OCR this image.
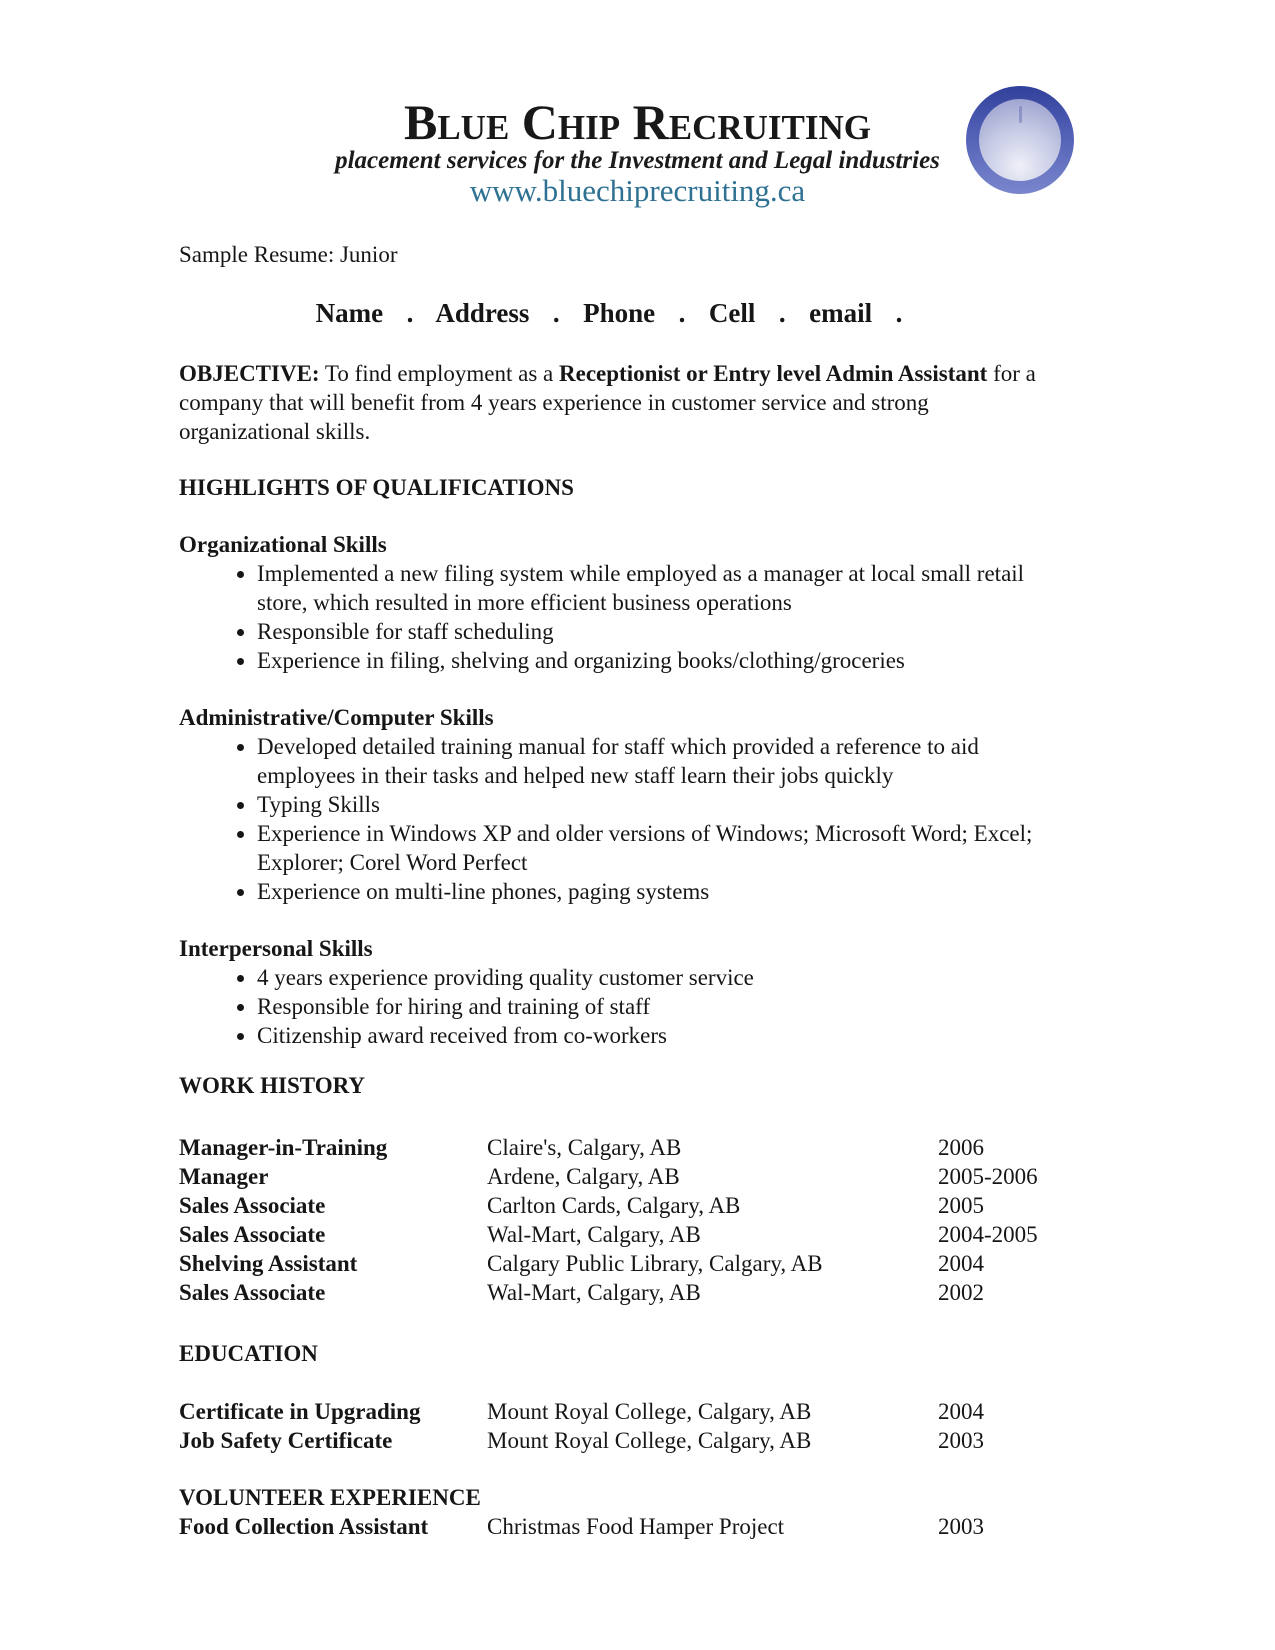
Blue Chip Recruiting
placement services for the Investment and Legal industries
www.bluechiprecruiting.ca
Sample Resume: Junior
Name  .  Address  .  Phone  .  Cell  .  email  .
OBJECTIVE: To find employment as a Receptionist or Entry level Admin Assistant for a company that will benefit from 4 years experience in customer service and strong organizational skills.
HIGHLIGHTS OF QUALIFICATIONS
Organizational Skills
• Implemented a new filing system while employed as a manager at local small retail store, which resulted in more efficient business operations
• Responsible for staff scheduling
• Experience in filing, shelving and organizing books/clothing/groceries
Administrative/Computer Skills
• Developed detailed training manual for staff which provided a reference to aid employees in their tasks and helped new staff learn their jobs quickly
• Typing Skills
• Experience in Windows XP and older versions of Windows; Microsoft Word; Excel; Explorer; Corel Word Perfect
• Experience on multi-line phones, paging systems
Interpersonal Skills
• 4 years experience providing quality customer service
• Responsible for hiring and training of staff
• Citizenship award received from co-workers
WORK HISTORY
Manager-in-Training	Claire's, Calgary, AB	2006
Manager	Ardene, Calgary, AB	2005-2006
Sales Associate	Carlton Cards, Calgary, AB	2005
Sales Associate	Wal-Mart, Calgary, AB	2004-2005
Shelving Assistant	Calgary Public Library, Calgary, AB	2004
Sales Associate	Wal-Mart, Calgary, AB	2002
EDUCATION
Certificate in Upgrading	Mount Royal College, Calgary, AB	2004
Job Safety Certificate	Mount Royal College, Calgary, AB	2003
VOLUNTEER EXPERIENCE
Food Collection Assistant	Christmas Food Hamper Project	2003
